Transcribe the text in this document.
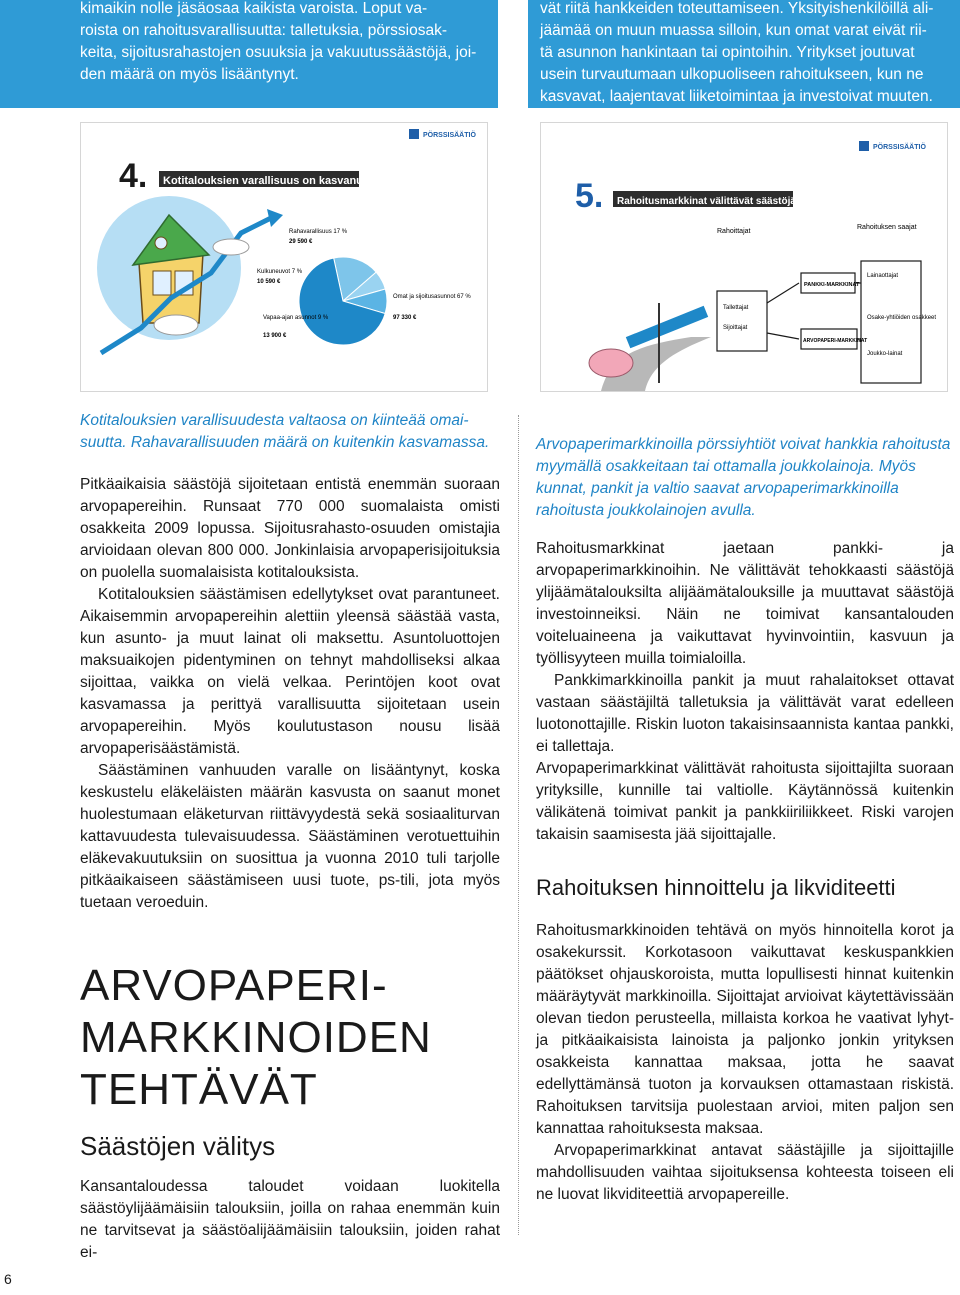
kimaikin nolle jäsäosaa kaikista varoista. Loput va-

roista on rahoitusvarallisuutta: talletuksia, pörssiosak-

keita, sijoitusrahastojen osuuksia ja vakuutussäästöjä, joi-

den määrä on myös lisääntynyt.

vät riitä hankkeiden toteuttamiseen. Yksityishenkilöillä ali-

jäämää on muun muassa silloin, kun omat varat eivät rii-

tä asunnon hankintaan tai opintoihin. Yritykset joutuvat

usein turvautumaan ulkopuoliseen rahoitukseen, kun ne

kasvavat, laajentavat liiketoimintaa ja investoivat muuten.

4. Kotitalouksien varallisuus on kasvanut
PÖRSSISÄÄTIÖ
Rahavarallisuus 17 %
29 590 €
Kulkuneuvot 7 %
10 590 €
Vapaa-ajan asunnot 9 %
13 900 €
Omat ja sijoitusasunnot 67 %
97 330 €
PÖRSSISÄÄTIÖ
5. Rahoitusmarkkinat välittävät säästöjä
Rahoittajat
Rahoituksen saajat
Tallettajat
Sijoittajat
PANKKI-MARKKINAT
ARVOPAPERI-MARKKINAT
Lainaottajat
Osake-yhtiöiden osakkeet
Joukko-lainat

Kotitalouksien varallisuudesta valtaosa on kiinteää omai-

suutta. Rahavarallisuuden määrä on kuitenkin kasvamassa.

Pitkäaikaisia säästöjä sijoitetaan entistä enemmän suoraan arvopapereihin. Runsaat 770 000 suomalaista omisti osakkeita 2009 lopussa. Sijoitusrahasto-osuuden omistajia arvioidaan olevan 800 000. Jonkinlaisia arvopaperisijoituksia on puolella suomalaisista kotitalouksista.

Kotitalouksien säästämisen edellytykset ovat parantuneet. Aikaisemmin arvopapereihin alettiin yleensä säästää vasta, kun asunto- ja muut lainat oli maksettu. Asuntoluottojen maksuaikojen pidentyminen on tehnyt mahdolliseksi alkaa sijoittaa, vaikka on vielä velkaa. Perintöjen koot ovat kasvamassa ja perittyä varallisuutta sijoitetaan usein arvopapereihin. Myös koulutustason nousu lisää arvopaperisäästämistä.

Säästäminen vanhuuden varalle on lisääntynyt, koska keskustelu eläkeläisten määrän kasvusta on saanut monet huolestumaan eläketurvan riittävyydestä sekä sosiaaliturvan kattavuudesta tulevaisuudessa. Säästäminen verotuettuihin eläkevakuutuksiin on suosittua ja vuonna 2010 tuli tarjolle pitkäaikaiseen säästämiseen uusi tuote, ps-tili, jota myös tuetaan veroeduin.

ARVOPAPERI-

MARKKINOIDEN

TEHTÄVÄT

Säästöjen välitys

Kansantaloudessa taloudet voidaan luokitella säästöylijäämäisiin talouksiin, joilla on rahaa enemmän kuin ne tarvitsevat ja säästöalijäämäisiin talouksiin, joiden rahat ei-

Arvopaperimarkkinoilla pörssiyhtiöt voivat hankkia rahoitusta myymällä osakkeitaan tai ottamalla joukkolainoja. Myös kunnat, pankit ja valtio saavat arvopaperimarkkinoilla rahoitusta joukkolainojen avulla.

Rahoitusmarkkinat jaetaan pankki- ja arvopaperimarkkinoihin. Ne välittävät tehokkaasti säästöjä ylijäämätalouksilta alijäämätalouksille ja muuttavat säästöjä investoinneiksi. Näin ne toimivat kansantalouden voiteluaineena ja vaikuttavat hyvinvointiin, kasvuun ja työllisyyteen muilla toimialoilla.

Pankkimarkkinoilla pankit ja muut rahalaitokset ottavat vastaan säästäjiltä talletuksia ja välittävät varat edelleen luotonottajille. Riskin luoton takaisinsaannista kantaa pankki, ei tallettaja.

Arvopaperimarkkinat välittävät rahoitusta sijoittajilta suoraan yrityksille, kunnille tai valtiolle. Käytännössä kuitenkin välikätenä toimivat pankit ja pankkiiriliikkeet. Riski varojen takaisin saamisesta jää sijoittajalle.

Rahoituksen hinnoittelu ja likviditeetti

Rahoitusmarkkinoiden tehtävä on myös hinnoitella korot ja osakekurssit. Korkotasoon vaikuttavat keskuspankkien päätökset ohjauskoroista, mutta lopullisesti hinnat kuitenkin määräytyvät markkinoilla. Sijoittajat arvioivat käytettävissään olevan tiedon perusteella, millaista korkoa he vaativat lyhyt- ja pitkäaikaisista lainoista ja paljonko jonkin yrityksen osakkeista kannattaa maksaa, jotta he saavat edellyttämänsä tuoton ja korvauksen ottamastaan riskistä. Rahoituksen tarvitsija puolestaan arvioi, miten paljon sen kannattaa rahoituksesta maksaa.

Arvopaperimarkkinat antavat säästäjille ja sijoittajille mahdollisuuden vaihtaa sijoituksensa kohteesta toiseen eli ne luovat likviditeettiä arvopapereille.

6
